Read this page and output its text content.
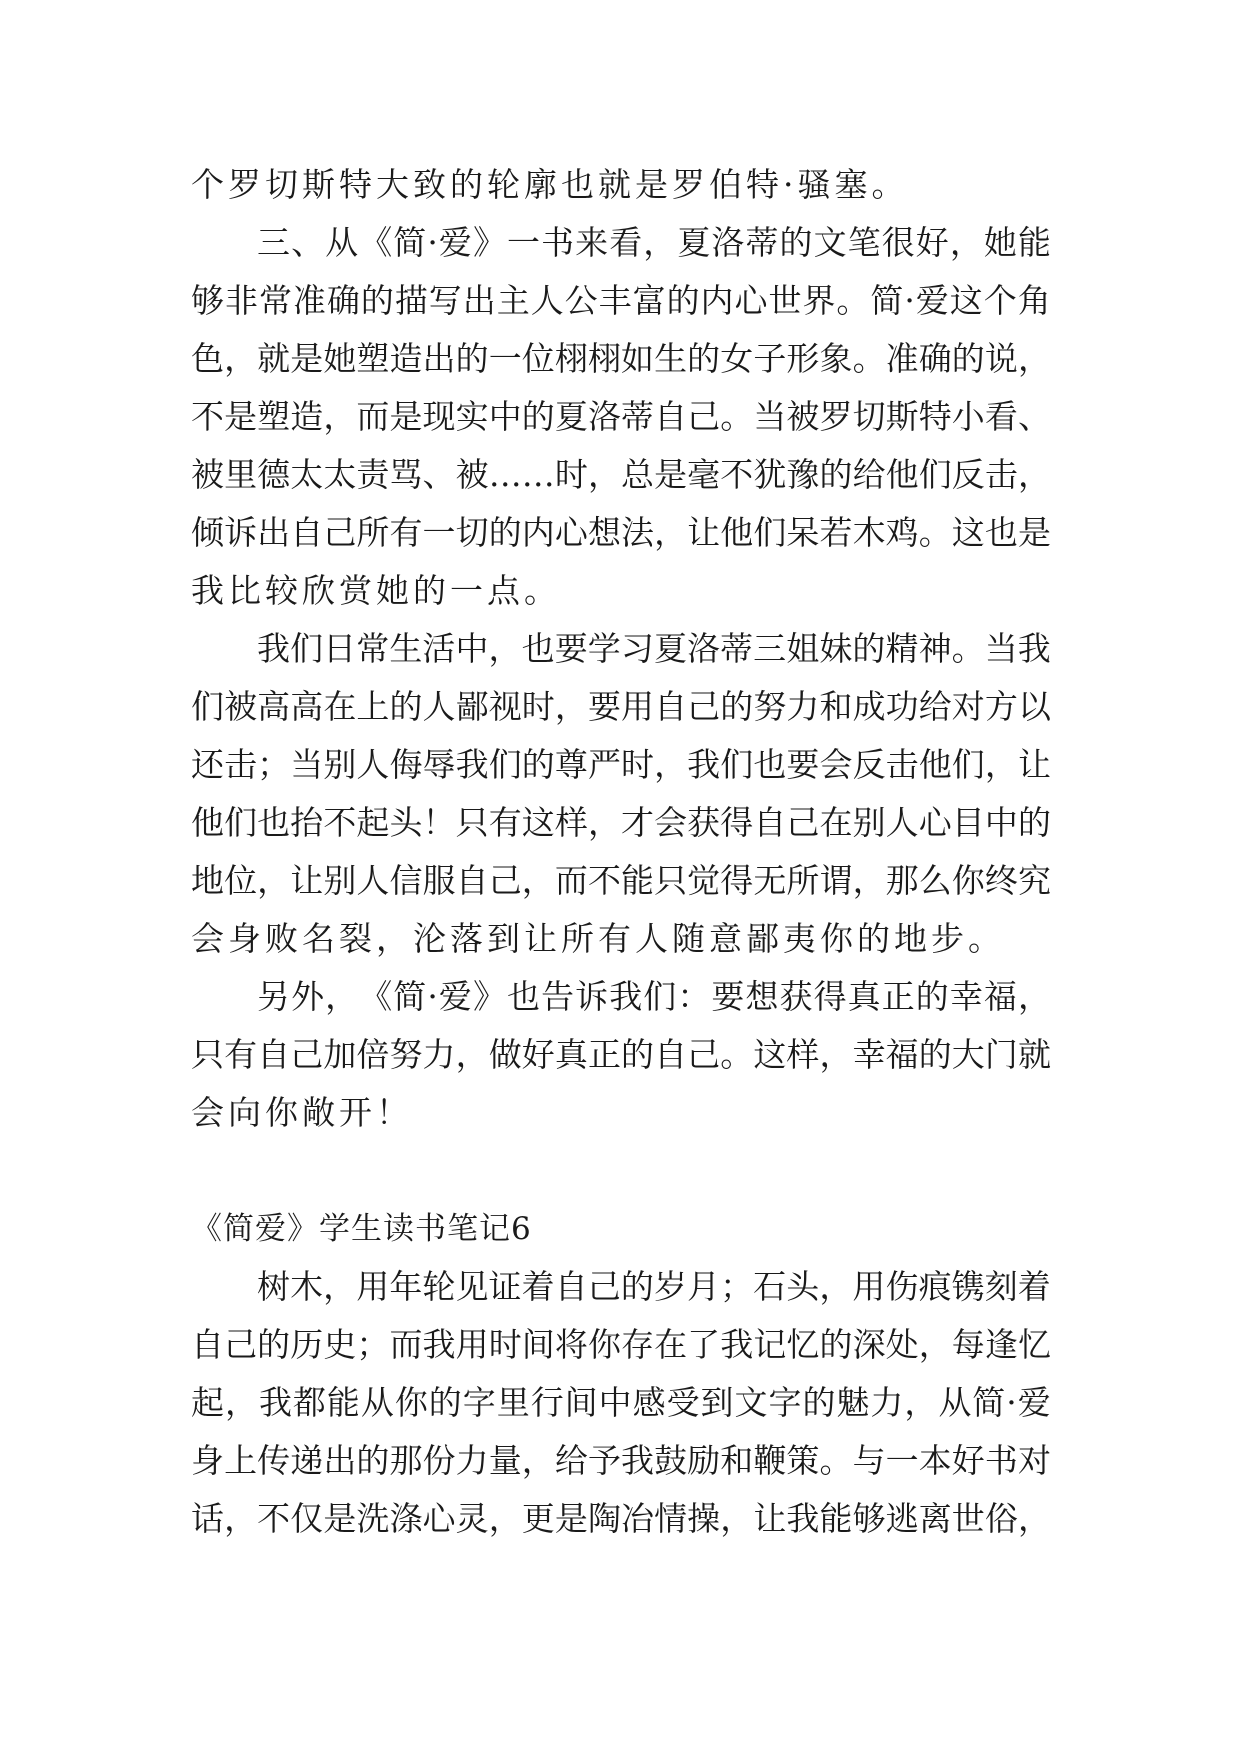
个罗切斯特大致的轮廓也就是罗伯特·骚塞。
三 、 从 《 简 · 爱 》 一 书 来 看 ， 夏 洛 蒂 的 文 笔 很 好 ， 她 能
够 非 常 准 确 的 描 写 出 主 人 公 丰 富 的 内 心 世 界 。 简 · 爱 这 个 角
色 ， 就 是 她 塑 造 出 的 一 位 栩 栩 如 生 的 女 子 形 象 。 准 确 的 说 ，
不 是 塑 造 ， 而 是 现 实 中 的 夏 洛 蒂 自 己 。 当 被 罗 切 斯 特 小 看 、
被 里 德 太 太 责 骂 、 被 … … 时 ， 总 是 毫 不 犹 豫 的 给 他 们 反 击 ，
倾 诉 出 自 己 所 有 一 切 的 内 心 想 法 ， 让 他 们 呆 若 木 鸡 。 这 也 是
我比较欣赏她的一点。
我 们 日 常 生 活 中 ， 也 要 学 习 夏 洛 蒂 三 姐 妹 的 精 神 。 当 我
们 被 高 高 在 上 的 人 鄙 视 时 ， 要 用 自 己 的 努 力 和 成 功 给 对 方 以
还 击 ； 当 别 人 侮 辱 我 们 的 尊 严 时 ， 我 们 也 要 会 反 击 他 们 ， 让
他 们 也 抬 不 起 头 ！ 只 有 这 样 ， 才 会 获 得 自 己 在 别 人 心 目 中 的
地 位 ， 让 别 人 信 服 自 己 ， 而 不 能 只 觉 得 无 所 谓 ， 那 么 你 终 究
会身败名裂，沦落到让所有人随意鄙夷你的地步。
另 外 ， 《 简 · 爱 》 也 告 诉 我 们 ： 要 想 获 得 真 正 的 幸 福 ，
只 有 自 己 加 倍 努 力 ， 做 好 真 正 的 自 己 。 这 样 ， 幸 福 的 大 门 就
会向你敞开！
《简爱》学生读书笔记6
树 木 ， 用 年 轮 见 证 着 自 己 的 岁 月 ； 石 头 ， 用 伤 痕 镌 刻 着
自 己 的 历 史 ； 而 我 用 时 间 将 你 存 在 了 我 记 忆 的 深 处 ， 每 逢 忆
起 ， 我 都 能 从 你 的 字 里 行 间 中 感 受 到 文 字 的 魅 力 ， 从 简 · 爱
身 上 传 递 出 的 那 份 力 量 ， 给 予 我 鼓 励 和 鞭 策 。 与 一 本 好 书 对
话 ， 不 仅 是 洗 涤 心 灵 ， 更 是 陶 冶 情 操 ， 让 我 能 够 逃 离 世 俗 ，
